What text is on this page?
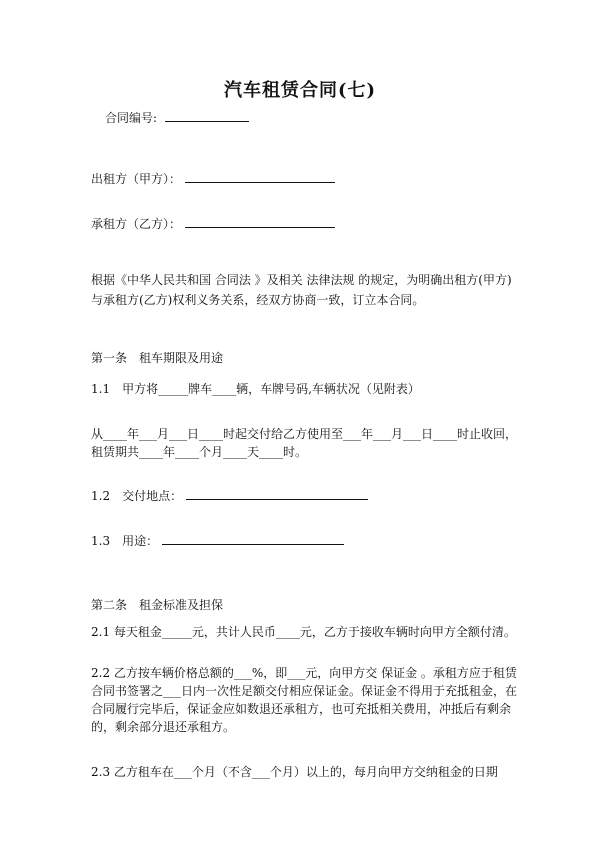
汽车租赁合同(七)
合同编号:
出租方（甲方）：
承租方（乙方）：
根据《中华人民共和国 合同法 》及相关 法律法规 的规定，为明确出租方(甲方)与承租方(乙方)权利义务关系，经双方协商一致，订立本合同。
第一条　租车期限及用途
1.1　甲方将_____牌车____辆，车牌号码,车辆状况（见附表）
从____年___月___日____时起交付给乙方使用至___年___月___日____时止收回，
租赁期共____年____个月____天____时。
1.2　交付地点：
1.3　用途：
第二条　租金标准及担保
2.1 每天租金_____元，共计人民币____元，乙方于接收车辆时向甲方全额付清。
2.2 乙方按车辆价格总额的___%，即___元，向甲方交 保证金 。承租方应于租赁合同书签署之___日内一次性足额交付相应保证金。保证金不得用于充抵租金，在合同履行完毕后，保证金应如数退还承租方，也可充抵相关费用，冲抵后有剩余的，剩余部分退还承租方。
2.3 乙方租车在___个月（不含___个月）以上的，每月向甲方交纳租金的日期
